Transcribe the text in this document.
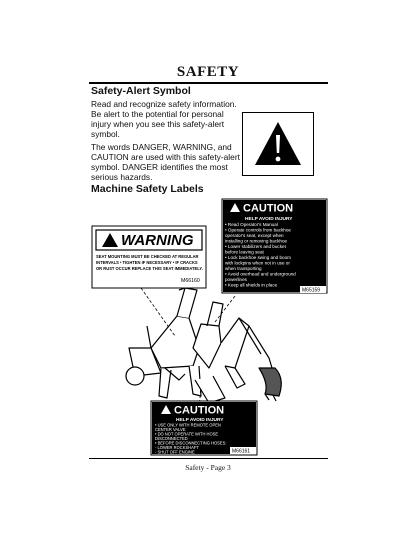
SAFETY
Safety-Alert Symbol
Read and recognize safety information. Be alert to the potential for personal injury when you see this safety-alert symbol.
The words DANGER, WARNING, and CAUTION are used with this safety-alert symbol. DANGER identifies the most serious hazards.
Machine Safety Labels
CAUTION
HELP AVOID INJURY
• Read Operator's Manual
• Operate controls from backhoe
operator's seat, except when
installing or removing backhoe
• Lower stabilizers and bucket
before leaving seat
• Lock backhoe swing and boom
with lockpins when not in use or
when transporting
• Avoid overhead and underground
powerlines
• Keep all shields in place
M65159
WARNING
SEAT MOUNTING MUST BE CHECKED AT REGULAR
INTERVALS • TIGHTEN IF NECESSARY • IF CRACKS
OR RUST OCCUR REPLACE THIS SEAT IMMEDIATELY.
M66160
CAUTION
HELP AVOID INJURY
• USE ONLY WITH REMOTE OPEN
CENTER VALVE
• DO NOT OPERATE WITH HOSE
DISCONNECTED
• BEFORE DISCONNECTING HOSES:
- LOWER ROCKSHAFT
- SHUT OFF ENGINE	M66161
Safety - Page 3
